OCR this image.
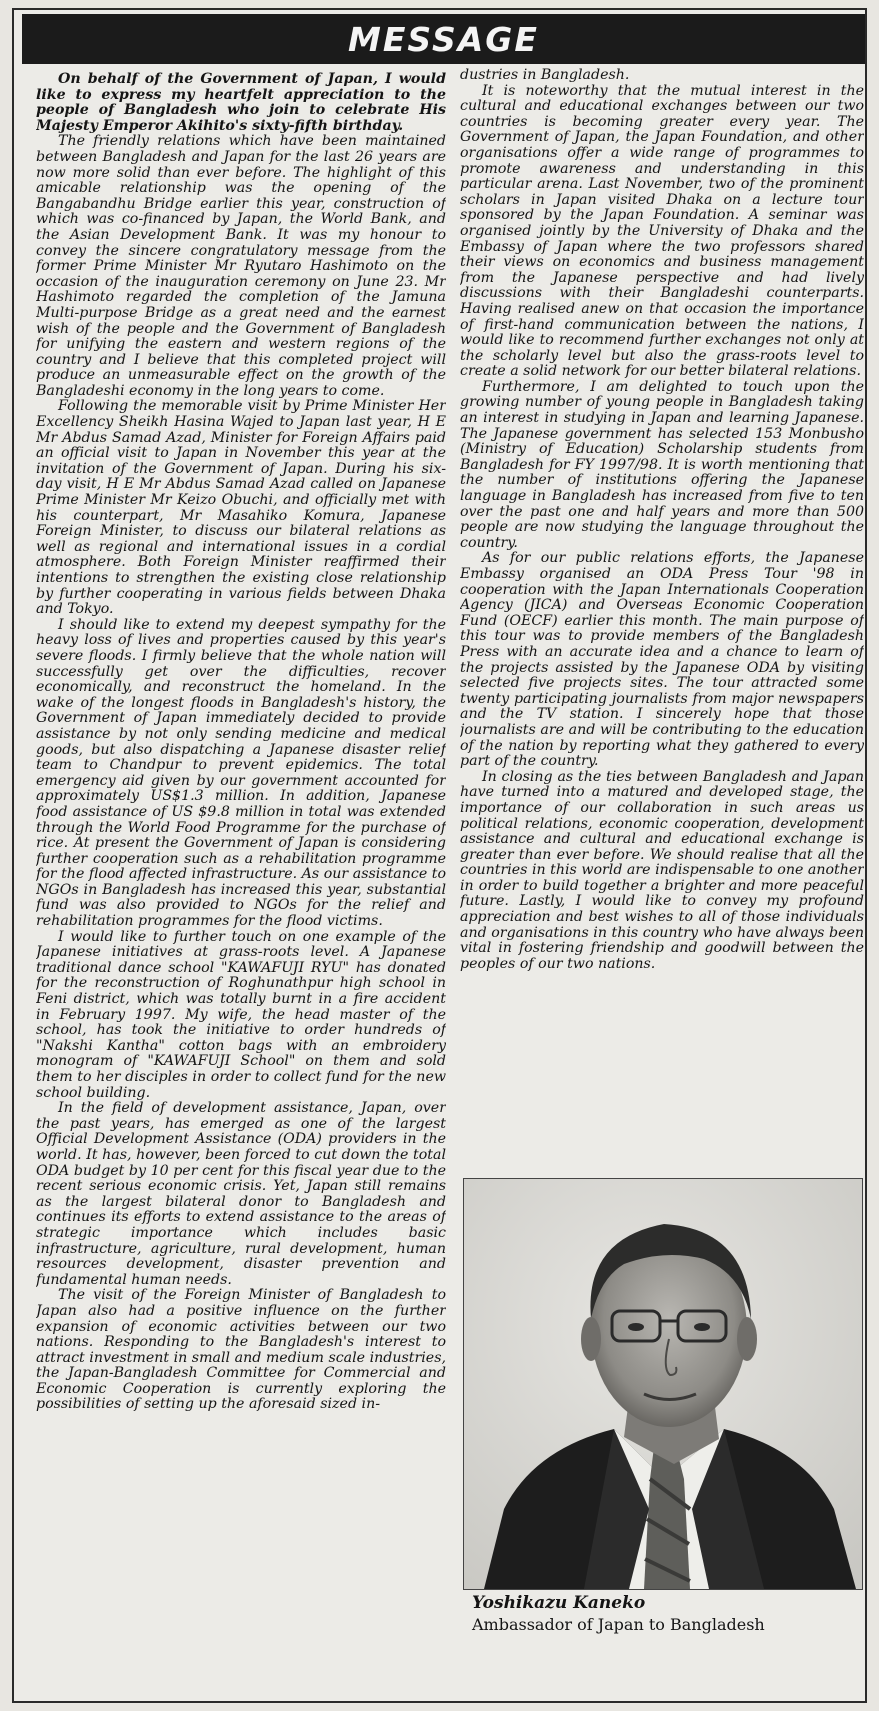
MESSAGE

On behalf of the Government of Japan, I would like to express my heartfelt appreciation to the people of Bangladesh who join to celebrate His Majesty Emperor Akihito's sixty-fifth birthday.

The friendly relations which have been maintained between Bangladesh and Japan for the last 26 years are now more solid than ever before. The highlight of this amicable relationship was the opening of the Bangabandhu Bridge earlier this year, construction of which was co-financed by Japan, the World Bank, and the Asian Development Bank. It was my honour to convey the sincere congratulatory message from the former Prime Minister Mr Ryutaro Hashimoto on the occasion of the inauguration ceremony on June 23. Mr Hashimoto regarded the completion of the Jamuna Multi-purpose Bridge as a great need and the earnest wish of the people and the Government of Bangladesh for unifying the eastern and western regions of the country and I believe that this completed project will produce an unmeasurable effect on the growth of the Bangladeshi economy in the long years to come.

Following the memorable visit by Prime Minister Her Excellency Sheikh Hasina Wajed to Japan last year, H E Mr Abdus Samad Azad, Minister for Foreign Affairs paid an official visit to Japan in November this year at the invitation of the Government of Japan. During his six-day visit, H E Mr Abdus Samad Azad called on Japanese Prime Minister Mr Keizo Obuchi, and officially met with his counterpart, Mr Masahiko Komura, Japanese Foreign Minister, to discuss our bilateral relations as well as regional and international issues in a cordial atmosphere. Both Foreign Minister reaffirmed their intentions to strengthen the existing close relationship by further cooperating in various fields between Dhaka and Tokyo.

I should like to extend my deepest sympathy for the heavy loss of lives and properties caused by this year's severe floods. I firmly believe that the whole nation will successfully get over the difficulties, recover economically, and reconstruct the homeland. In the wake of the longest floods in Bangladesh's history, the Government of Japan immediately decided to provide assistance by not only sending medicine and medical goods, but also dispatching a Japanese disaster relief team to Chandpur to prevent epidemics. The total emergency aid given by our government accounted for approximately US$1.3 million. In addition, Japanese food assistance of US $9.8 million in total was extended through the World Food Programme for the purchase of rice. At present the Government of Japan is considering further cooperation such as a rehabilitation programme for the flood affected infrastructure. As our assistance to NGOs in Bangladesh has increased this year, substantial fund was also provided to NGOs for the relief and rehabilitation programmes for the flood victims.

I would like to further touch on one example of the Japanese initiatives at grass-roots level. A Japanese traditional dance school "KAWAFUJI RYU" has donated for the reconstruction of Roghunathpur high school in Feni district, which was totally burnt in a fire accident in February 1997. My wife, the head master of the school, has took the initiative to order hundreds of "Nakshi Kantha" cotton bags with an embroidery monogram of "KAWAFUJI School" on them and sold them to her disciples in order to collect fund for the new school building.

In the field of development assistance, Japan, over the past years, has emerged as one of the largest Official Development Assistance (ODA) providers in the world. It has, however, been forced to cut down the total ODA budget by 10 per cent for this fiscal year due to the recent serious economic crisis. Yet, Japan still remains as the largest bilateral donor to Bangladesh and continues its efforts to extend assistance to the areas of strategic importance which includes basic infrastructure, agriculture, rural development, human resources development, disaster prevention and fundamental human needs.

The visit of the Foreign Minister of Bangladesh to Japan also had a positive influence on the further expansion of economic activities between our two nations. Responding to the Bangladesh's interest to attract investment in small and medium scale industries, the Japan-Bangladesh Committee for Commercial and Economic Cooperation is currently exploring the possibilities of setting up the aforesaid sized in-

dustries in Bangladesh.

It is noteworthy that the mutual interest in the cultural and educational exchanges between our two countries is becoming greater every year. The Government of Japan, the Japan Foundation, and other organisations offer a wide range of programmes to promote awareness and understanding in this particular arena. Last November, two of the prominent scholars in Japan visited Dhaka on a lecture tour sponsored by the Japan Foundation. A seminar was organised jointly by the University of Dhaka and the Embassy of Japan where the two professors shared their views on economics and business management from the Japanese perspective and had lively discussions with their Bangladeshi counterparts. Having realised anew on that occasion the importance of first-hand communication between the nations, I would like to recommend further exchanges not only at the scholarly level but also the grass-roots level to create a solid network for our better bilateral relations.

Furthermore, I am delighted to touch upon the growing number of young people in Bangladesh taking an interest in studying in Japan and learning Japanese. The Japanese government has selected 153 Monbusho (Ministry of Education) Scholarship students from Bangladesh for FY 1997/98. It is worth mentioning that the number of institutions offering the Japanese language in Bangladesh has increased from five to ten over the past one and half years and more than 500 people are now studying the language throughout the country.

As for our public relations efforts, the Japanese Embassy organised an ODA Press Tour '98 in cooperation with the Japan Internationals Cooperation Agency (JICA) and Overseas Economic Cooperation Fund (OECF) earlier this month. The main purpose of this tour was to provide members of the Bangladesh Press with an accurate idea and a chance to learn of the projects assisted by the Japanese ODA by visiting selected five projects sites. The tour attracted some twenty participating journalists from major newspapers and the TV station. I sincerely hope that those journalists are and will be contributing to the education of the nation by reporting what they gathered to every part of the country.

In closing as the ties between Bangladesh and Japan have turned into a matured and developed stage, the importance of our collaboration in such areas us political relations, economic cooperation, development assistance and cultural and educational exchange is greater than ever before. We should realise that all the countries in this world are indispensable to one another in order to build together a brighter and more peaceful future. Lastly, I would like to convey my profound appreciation and best wishes to all of those individuals and organisations in this country who have always been vital in fostering friendship and goodwill between the peoples of our two nations.

Yoshikazu Kaneko
Ambassador of Japan to Bangladesh
